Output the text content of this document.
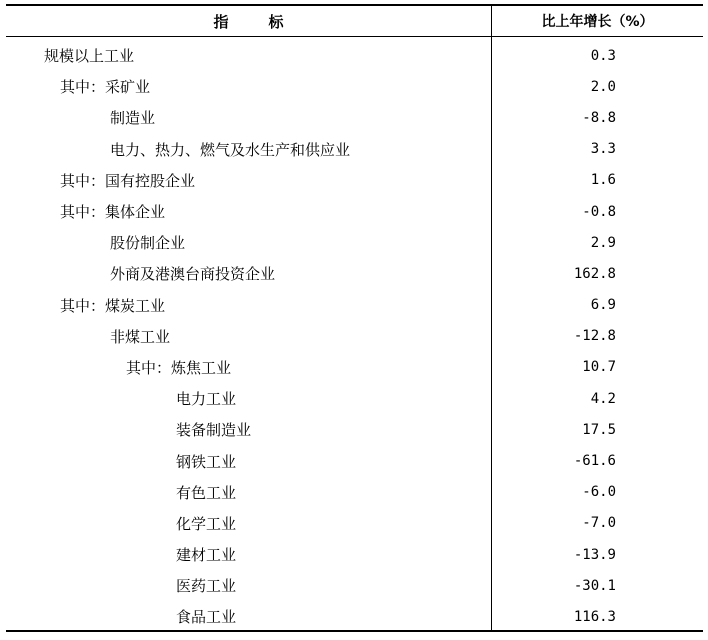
指	标	比上年增长（%）
规模以上工业
其中：采矿业
制造业
电力、热力、燃气及水生产和供应业
其中：国有控股企业
其中：集体企业
股份制企业
外商及港澳台商投资企业
其中：煤炭工业
非煤工业
其中：炼焦工业
电力工业
装备制造业
钢铁工业
有色工业
化学工业
建材工业
医药工业
食品工业
0.3
2.0
-8.8
3.3
1.6
-0.8
2.9
162.8
6.9
-12.8
10.7
4.2
17.5
-61.6
-6.0
-7.0
-13.9
-30.1
116.3
